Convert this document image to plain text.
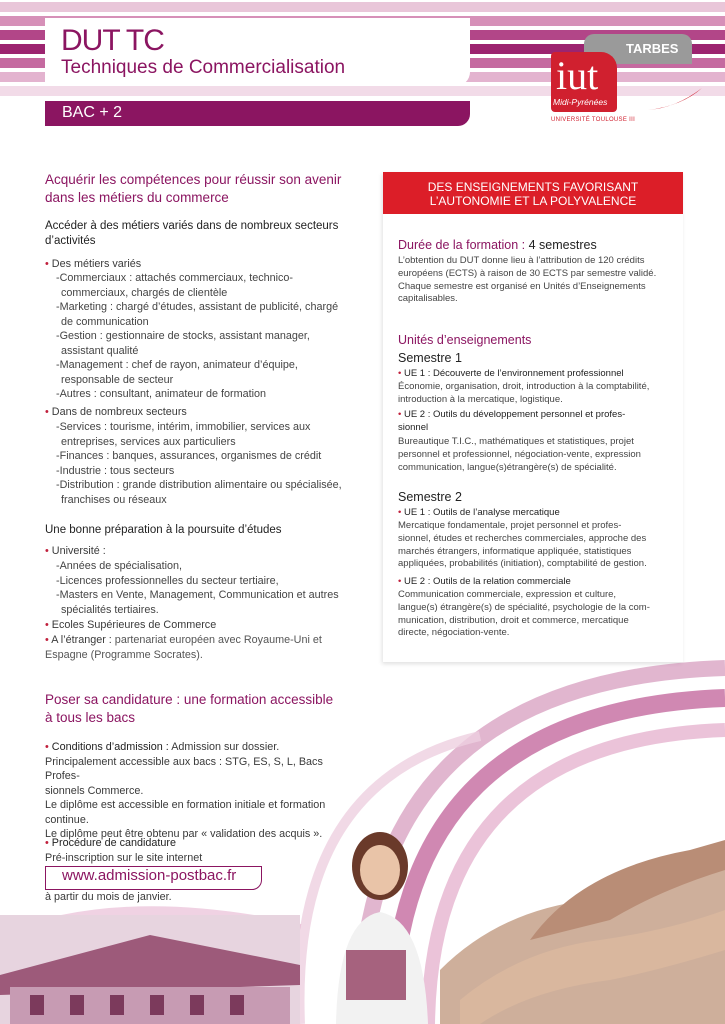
DUT TC
Techniques de Commercialisation
BAC + 2
TARBES
iut
Midi-Pyrénées
UNIVERSITÉ TOULOUSE III
Acquérir les compétences pour réussir son avenir
dans les métiers du commerce
Accéder à des métiers variés dans de nombreux secteurs
d’activités
• Des métiers variés
-Commerciaux : attachés commerciaux, technico-
commerciaux, chargés de clientèle
-Marketing : chargé d’études, assistant de publicité, chargé
de communication
-Gestion : gestionnaire de stocks, assistant manager,
assistant qualité
-Management : chef de rayon, animateur d’équipe,
responsable de secteur
-Autres : consultant, animateur de formation
• Dans de nombreux secteurs
-Services : tourisme, intérim, immobilier, services aux
entreprises, services aux particuliers
-Finances : banques, assurances, organismes de crédit
-Industrie : tous secteurs
-Distribution : grande distribution alimentaire ou spécialisée,
franchises ou réseaux
Une bonne préparation à la poursuite d’études
• Université :
-Années de spécialisation,
-Licences professionnelles du secteur tertiaire,
-Masters en Vente, Management, Communication et autres
spécialités tertiaires.
• Ecoles Supérieures de Commerce
• A l’étranger : partenariat européen avec Royaume-Uni et
Espagne (Programme Socrates).
Poser sa candidature : une formation accessible
à tous les bacs
• Conditions d’admission : Admission sur dossier.
Principalement accessible aux bacs : STG, ES, S, L, Bacs Profes-
sionnels Commerce.
Le diplôme est accessible en formation initiale et formation
continue.
Le diplôme peut être obtenu par « validation des acquis ».
• Procédure de candidature
Pré-inscription sur le site internet
www.admission-postbac.fr
à partir du mois de janvier.
DES ENSEIGNEMENTS FAVORISANT
L’AUTONOMIE ET LA POLYVALENCE
Durée de la formation : 4 semestres
L’obtention du DUT donne lieu à l’attribution de 120 crédits
européens (ECTS) à raison de 30 ECTS par semestre validé.
Chaque semestre est organisé en Unités d’Enseignements
capitalisables.
Unités d’enseignements
Semestre 1
• UE 1 : Découverte de l’environnement professionnel
Économie, organisation, droit, introduction à la comptabilité,
introduction à la mercatique, logistique.
• UE 2 : Outils du développement personnel et profes-
sionnel
Bureautique T.I.C., mathématiques et statistiques, projet
personnel et professionnel, négociation-vente, expression
communication, langue(s)étrangère(s) de spécialité.
Semestre 2
• UE 1 : Outils de l’analyse mercatique
Mercatique fondamentale, projet personnel et profes-
sionnel, études et recherches commerciales, approche des
marchés étrangers, informatique appliquée, statistiques
appliquées, probabilités (initiation), comptabilité de gestion.
• UE 2 : Outils de la relation commerciale
Communication commerciale, expression et culture,
langue(s) étrangère(s) de spécialité, psychologie de la com-
munication, distribution, droit et commerce, mercatique
directe, négociation-vente.
